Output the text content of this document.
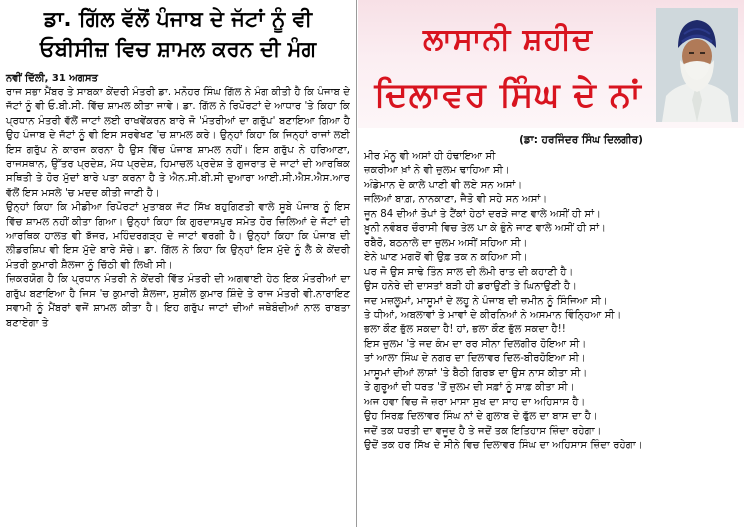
ਡਾ. ਗਿੱਲ ਵੱਲੋਂ ਪੰਜਾਬ ਦੇ ਜੱਟਾਂ ਨੂੰ ਵੀ
ਓਬੀਸੀਜ਼ ਵਿਚ ਸ਼ਾਮਲ ਕਰਨ ਦੀ ਮੰਗ
ਨਵੀਂ ਦਿੱਲੀ, 31 ਅਗਸਤ

ਰਾਜ ਸਭਾ ਮੈਂਬਰ ਤੇ ਸਾਬਕਾ ਕੇਂਦਰੀ ਮੰਤਰੀ ਡਾ. ਮਨੋਹਰ ਸਿੰਘ ਗਿੱਲ ਨੇ ਮੰਗ ਕੀਤੀ ਹੈ ਕਿ ਪੰਜਾਬ ਦੇ ਜੱਟਾਂ ਨੂੰ ਵੀ ਓ.ਬੀ.ਸੀ. ਵਿੱਚ ਸ਼ਾਮਲ ਕੀਤਾ ਜਾਵੇ। ਡਾ. ਗਿੱਲ ਨੇ ਰਿਪੋਰਟਾਂ ਦੇ ਆਧਾਰ 'ਤੇ ਕਿਹਾ ਕਿ ਪ੍ਰਧਾਨ ਮੰਤਰੀ ਵੱਲੋਂ ਜਾਟਾਂ ਲਈ ਰਾਖਵੇਂਕਰਨ ਬਾਰੇ ਜੋ 'ਮੰਤਰੀਆਂ ਦਾ ਗਰੁੱਪ' ਬਣਾਇਆ ਗਿਆ ਹੈ ਉਹ ਪੰਜਾਬ ਦੇ ਜੱਟਾਂ ਨੂੰ ਵੀ ਇਸ ਸਰਵੇਖਣ 'ਚ ਸ਼ਾਮਲ ਕਰੇ। ਉਨ੍ਹਾਂ ਕਿਹਾ ਕਿ ਜਿਨ੍ਹਾਂ ਰਾਜਾਂ ਲਈ ਇਸ ਗਰੁੱਪ ਨੇ ਕਾਰਜ ਕਰਨਾ ਹੈ ਉਸ ਵਿੱਚ ਪੰਜਾਬ ਸ਼ਾਮਲ ਨਹੀਂ। ਇਸ ਗਰੁੱਪ ਨੇ ਹਰਿਆਣਾ, ਰਾਜਸਥਾਨ, ਉੱਤਰ ਪ੍ਰਦੇਸ਼, ਮੱਧ ਪ੍ਰਦੇਸ਼, ਹਿਮਾਚਲ ਪ੍ਰਦੇਸ਼ ਤੇ ਗੁਜਰਾਤ ਦੇ ਜਾਟਾਂ ਦੀ ਆਰਥਿਕ ਸਥਿਤੀ ਤੇ ਹੋਰ ਮੁੱਦਾਂ ਬਾਰੇ ਪਤਾ ਕਰਨਾ ਹੈ ਤੇ ਐਨ.ਸੀ.ਬੀ.ਸੀ ਦੁਆਰਾ ਆਈ.ਸੀ.ਐਸ.ਐਸ.ਆਰ ਵੱਲੋਂ ਇਸ ਮਸਲੇ 'ਚ ਮਦਦ ਕੀਤੀ ਜਾਣੀ ਹੈ।

ਉਨ੍ਹਾਂ ਕਿਹਾ ਕਿ ਮੀਡੀਆ ਰਿਪੋਰਟਾਂ ਮੁਤਾਬਕ ਜੱਟ ਸਿੱਖ ਬਹੁਗਿਣਤੀ ਵਾਲੇ ਸੂਬੇ ਪੰਜਾਬ ਨੂੰ ਇਸ ਵਿੱਚ ਸ਼ਾਮਲ ਨਹੀਂ ਕੀਤਾ ਗਿਆ। ਉਨ੍ਹਾਂ ਕਿਹਾ ਕਿ ਗੁਰਦਾਸਪੁਰ ਸਮੇਤ ਹੋਰ ਜ਼ਿਲਿਆਂ ਦੇ ਜੱਟਾਂ ਦੀ ਆਰਥਿਕ ਹਾਲਤ ਵੀ ਝੱਜਰ, ਮਹਿੰਦਰਗੜ੍ਹ ਦੇ ਜਾਟਾਂ ਵਰਗੀ ਹੈ। ਉਨ੍ਹਾਂ ਕਿਹਾ ਕਿ ਪੰਜਾਬ ਦੀ ਲੀਡਰਸ਼ਿਪ ਵੀ ਇਸ ਮੁੱਦੇ ਬਾਰੇ ਸੋਚੇ। ਡਾ. ਗਿੱਲ ਨੇ ਕਿਹਾ ਕਿ ਉਨ੍ਹਾਂ ਇਸ ਮੁੱਦੇ ਨੂੰ ਲੈ ਕੇ ਕੇਂਦਰੀ ਮੰਤਰੀ ਕੁਮਾਰੀ ਸ਼ੈਲਜਾ ਨੂੰ ਚਿੱਠੀ ਵੀ ਲਿਖੀ ਸੀ।

ਜ਼ਿਕਰਯੋਗ ਹੈ ਕਿ ਪ੍ਰਧਾਨ ਮੰਤਰੀ ਨੇ ਕੇਂਦਰੀ ਵਿੱਤ ਮੰਤਰੀ ਦੀ ਅਗਵਾਈ ਹੇਠ ਇਕ ਮੰਤਰੀਆਂ ਦਾ ਗਰੁੱਪ ਬਣਾਇਆ ਹੈ ਜਿਸ 'ਚ ਕੁਮਾਰੀ ਸ਼ੈਲਜਾ, ਸੁਸ਼ੀਲ ਕੁਮਾਰ ਸ਼ਿੰਦੇ ਤੇ ਰਾਜ ਮੰਤਰੀ ਵੀ.ਨਾਰਾਇਣ ਸਵਾਮੀ ਨੂੰ ਮੈਂਬਰਾਂ ਵਜੋਂ ਸ਼ਾਮਲ ਕੀਤਾ ਹੈ। ਇਹ ਗਰੁੱਪ ਜਾਟਾਂ ਦੀਆਂ ਜਥੇਬੰਦੀਆਂ ਨਾਲ ਰਾਬਤਾ ਬਣਾਏਗਾ ਤੇ

ਲਾਸਾਨੀ ਸ਼ਹੀਦ
ਦਿਲਾਵਰ ਸਿੰਘ ਦੇ ਨਾਂ
(ਡਾ: ਹਰਜਿੰਦਰ ਸਿੰਘ ਦਿਲਗੀਰ)
ਮੀਰ ਮੰਨੂ ਵੀ ਅਸਾਂ ਹੀ ਹੰਢਾਇਆ ਸੀ
ਜ਼ਕਰੀਆ ਖ਼ਾਂ ਨੇ ਵੀ ਜ਼ੁਲਮ ਢਾਹਿਆ ਸੀ।
ਅੰਡੇਮਾਨ ਦੇ ਕਾਲੇ ਪਾਣੀ ਵੀ ਲਏ ਸਨ ਅਸਾਂ।
ਜਲਿਆਂ ਬਾਗ਼, ਨਾਨਕਾਣਾ, ਜੈਤੋ ਵੀ ਸਹੇ ਸਨ ਅਸਾਂ।
ਜੂਨ 84 ਦੀਆਂ ਤੋਪਾਂ ਤੇ ਟੈਂਕਾਂ ਹੇਠਾਂ ਦਰੜੇ ਜਾਣ ਵਾਲੇ ਅਸੀਂ ਹੀ ਸਾਂ।
ਖ਼ੂਨੀ ਨਵੰਬਰ ਚੌਰਾਸੀ ਵਿਚ ਤੇਲ ਪਾ ਕੇ ਭੁੰਨੇ ਜਾਣ ਵਾਲੇ ਅਸੀਂ ਹੀ ਸਾਂ।
ਰਬੈਰੋ, ਬਠਨਾਲੇ ਦਾ ਜ਼ੁਲਮ ਅਸੀਂ ਸਹਿਆ ਸੀ।
ਏਨੇ ਘਾਣ ਮਗਰੋਂ ਵੀ ਉਫ਼ ਤਕ ਨ ਕਹਿਆ ਸੀ।
ਪਰ ਜੋ ਉਸ ਸਾਢੇ ਤਿੰਨ ਸਾਲ ਦੀ ਲੰਮੀ ਰਾਤ ਦੀ ਕਹਾਣੀ ਹੈ।
ਉਸ ਹਨੇਰੇ ਦੀ ਦਾਸਤਾਂ ਬੜੀ ਹੀ ਡਰਾਉਣੀ ਤੇ ਘਿਨਾਉਣੀ ਹੈ।
ਜਦ ਮਜ਼ਲੂਮਾਂ, ਮਾਸੂਮਾਂ ਦੇ ਲਹੂ ਨੇ ਪੰਜਾਬ ਦੀ ਜ਼ਮੀਨ ਨੂੰ ਸਿੰਜਿਆ ਸੀ।
ਤੇ ਧੀਆਂ, ਅਬਲਾਵਾਂ ਤੇ ਮਾਵਾਂ ਦੇ ਕੀਰਨਿਆਂ ਨੇ ਅਸਮਾਨ ਵਿੰਨ੍ਹਿਆ ਸੀ।
ਭਲਾ ਕੌਣ ਭੁੱਲ ਸਕਦਾ ਹੈ! ਹਾਂ, ਭਲਾ ਕੌਣ ਭੁੱਲ ਸਕਦਾ ਹੈ!!
ਇਸ ਜ਼ੁਲਮ 'ਤੇ ਜਦ ਕੰਮ ਦਾ ਰਰ ਸੀਨਾ ਦਿਲਗੀਰ ਹੋਇਆ ਸੀ।
ਤਾਂ ਆਲਾ ਸਿੰਘ ਦੇ ਨਗਰ ਦਾ ਦਿਲਾਵਰ ਦਿਲ-ਬੀਰਹੋਇਆ ਸੀ।
ਮਾਸੂਮਾਂ ਦੀਆਂ ਲਾਸ਼ਾਂ 'ਤੇ ਬੈਠੀ ਗਿਰਝ ਦਾ ਉਸ ਨਾਸ ਕੀਤਾ ਸੀ।
ਤੇ ਗੁਰੂਆਂ ਦੀ ਧਰਤ 'ਤੋਂ ਜ਼ੁਲਮ ਦੀ ਸਫ਼ਾਂ ਨੂੰ ਸਾਫ਼ ਕੀਤਾ ਸੀ।
ਅਜ ਹਵਾ ਵਿਚ ਜੋ ਜ਼ਰਾ ਮਾਸਾ ਸੁਖ ਦਾ ਸਾਹ ਦਾ ਅਹਿਸਾਸ ਹੈ।
ਉਹ ਸਿਰਫ਼ ਦਿਲਾਵਰ ਸਿੰਘ ਨਾਂ ਦੇ ਗੁਲਾਬ ਦੇ ਫੁੱਲ ਦਾ ਬਾਸ ਦਾ ਹੈ।
ਜਦੋਂ ਤਕ ਧਰਤੀ ਦਾ ਵਜੂਦ ਹੈ ਤੇ ਜਦੋਂ ਤਕ ਇਤਿਹਾਸ ਜ਼ਿੰਦਾ ਰਹੇਗਾ।
ਉਦੋਂ ਤਕ ਹਰ ਸਿੱਖ ਦੇ ਸੀਨੇ ਵਿਚ ਦਿਲਾਵਰ ਸਿੰਘ ਦਾ ਅਹਿਸਾਸ ਜ਼ਿੰਦਾ ਰਹੇਗਾ।
